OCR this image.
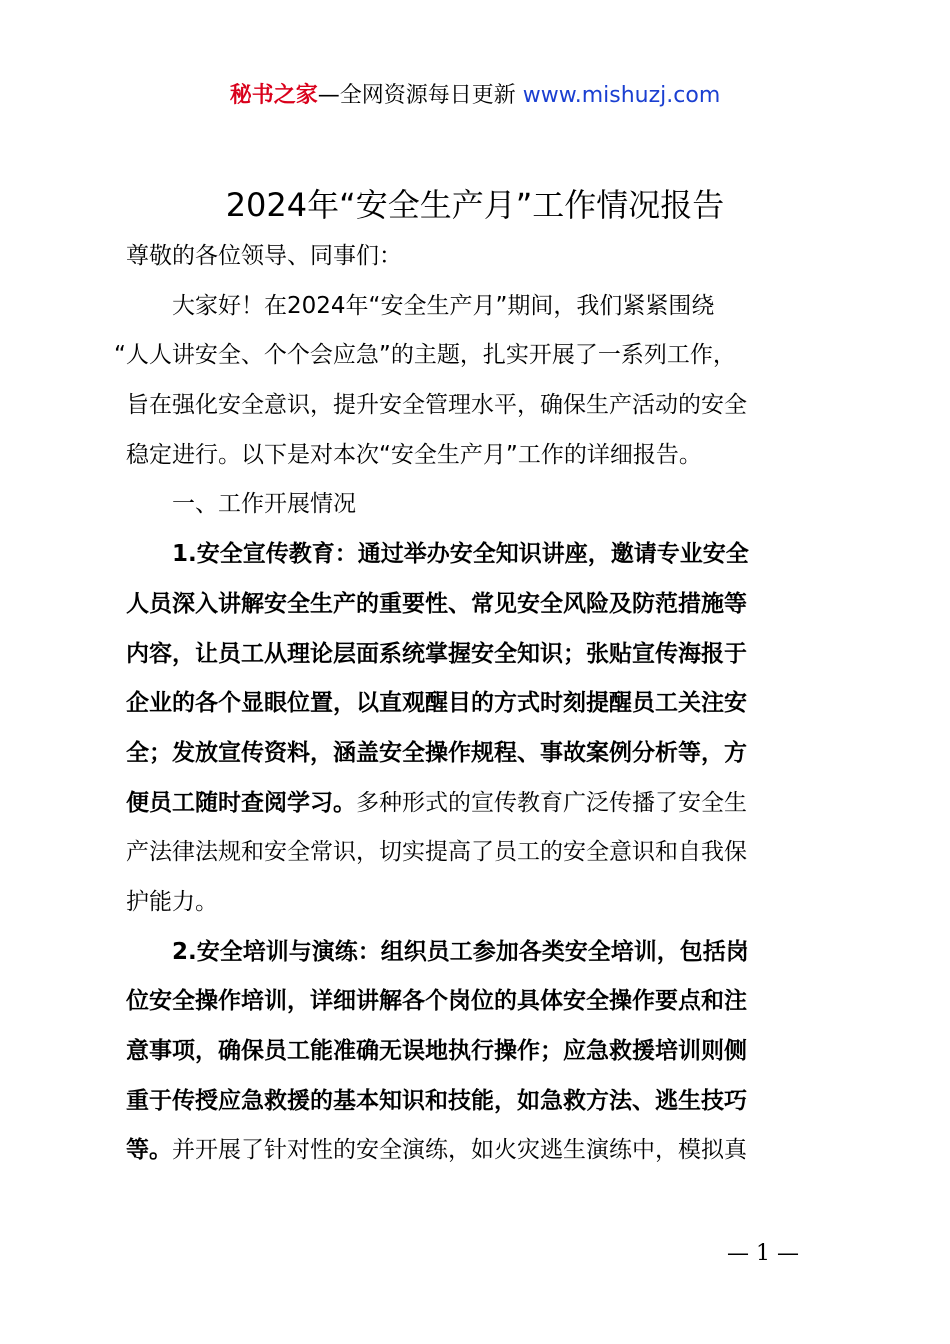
秘书之家—全网资源每日更新 www.mishuzj.com
2024年“安全生产月”工作情况报告
尊敬的各位领导、同事们：
大家好！在2024年“安全生产月”期间，我们紧紧围绕
“人人讲安全、个个会应急”的主题，扎实开展了一系列工作，
旨在强化安全意识，提升安全管理水平，确保生产活动的安全
稳定进行。以下是对本次“安全生产月”工作的详细报告。
一、工作开展情况
1.安全宣传教育：通过举办安全知识讲座，邀请专业安全
人员深入讲解安全生产的重要性、常见安全风险及防范措施等
内容，让员工从理论层面系统掌握安全知识；张贴宣传海报于
企业的各个显眼位置，以直观醒目的方式时刻提醒员工关注安
全；发放宣传资料，涵盖安全操作规程、事故案例分析等，方
便员工随时查阅学习。多种形式的宣传教育广泛传播了安全生
产法律法规和安全常识，切实提高了员工的安全意识和自我保
护能力。
2.安全培训与演练：组织员工参加各类安全培训，包括岗
位安全操作培训，详细讲解各个岗位的具体安全操作要点和注
意事项，确保员工能准确无误地执行操作；应急救援培训则侧
重于传授应急救援的基本知识和技能，如急救方法、逃生技巧
等。并开展了针对性的安全演练，如火灾逃生演练中，模拟真
— 1 —
